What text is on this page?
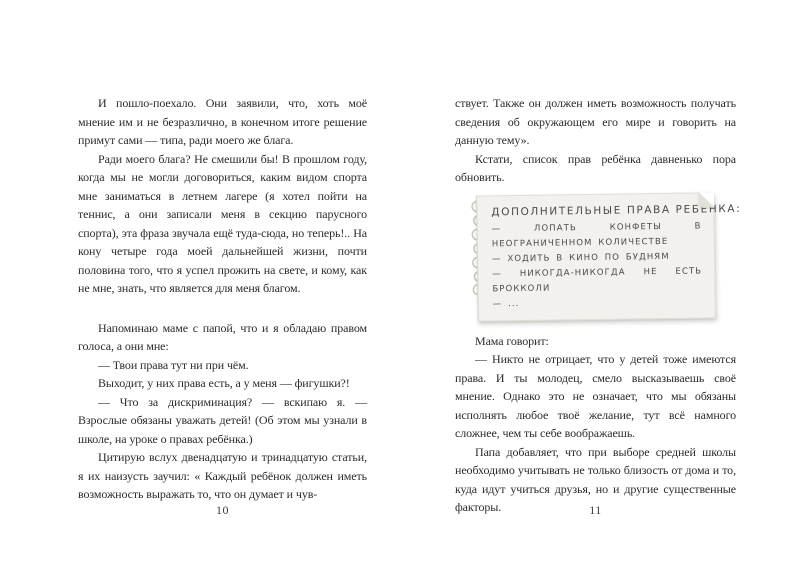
И пошло-поехало. Они заявили, что, хоть моё мнение им и не безразлично, в конечном итоге решение примут сами — типа, ради моего же блага.

Ради моего блага? Не смешили бы! В прошлом году, когда мы не могли договориться, каким видом спорта мне заниматься в летнем лагере (я хотел пойти на теннис, а они записали меня в секцию парусного спорта), эта фраза звучала ещё туда-сюда, но теперь!.. На кону четыре года моей дальнейшей жизни, почти половина того, что я успел прожить на свете, и кому, как не мне, знать, что является для меня благом.

Напоминаю маме с папой, что и я обладаю правом голоса, а они мне:

— Твои права тут ни при чём.

Выходит, у них права есть, а у меня — фигушки?!

— Что за дискриминация? — вскипаю я. — Взрослые обязаны уважать детей! (Об этом мы узнали в школе, на уроке о правах ребёнка.)

Цитирую вслух двенадцатую и тринадцатую статьи, я их наизусть заучил: « Каждый ребёнок должен иметь возможность выражать то, что он думает и чув-

ствует. Также он должен иметь возможность получать сведения об окружающем его мире и говорить на данную тему».

Кстати, список прав ребёнка давненько пора обновить.

ДОПОЛНИТЕЛЬНЫЕ ПРАВА РЕБЁНКА:
— ЛОПАТЬ КОНФЕТЫ В НЕОГРАНИЧЕННОМ КОЛИЧЕСТВЕ
— ХОДИТЬ В КИНО ПО БУДНЯМ
— НИКОГДА-НИКОГДА НЕ ЕСТЬ БРОККОЛИ
— ...

Мама говорит:

— Никто не отрицает, что у детей тоже имеются права. И ты молодец, смело высказываешь своё мнение. Однако это не означает, что мы обязаны исполнять любое твоё желание, тут всё намного сложнее, чем ты себе воображаешь.

Папа добавляет, что при выборе средней школы необходимо учитывать не только близость от дома и то, куда идут учиться друзья, но и другие существенные факторы.

10	11
